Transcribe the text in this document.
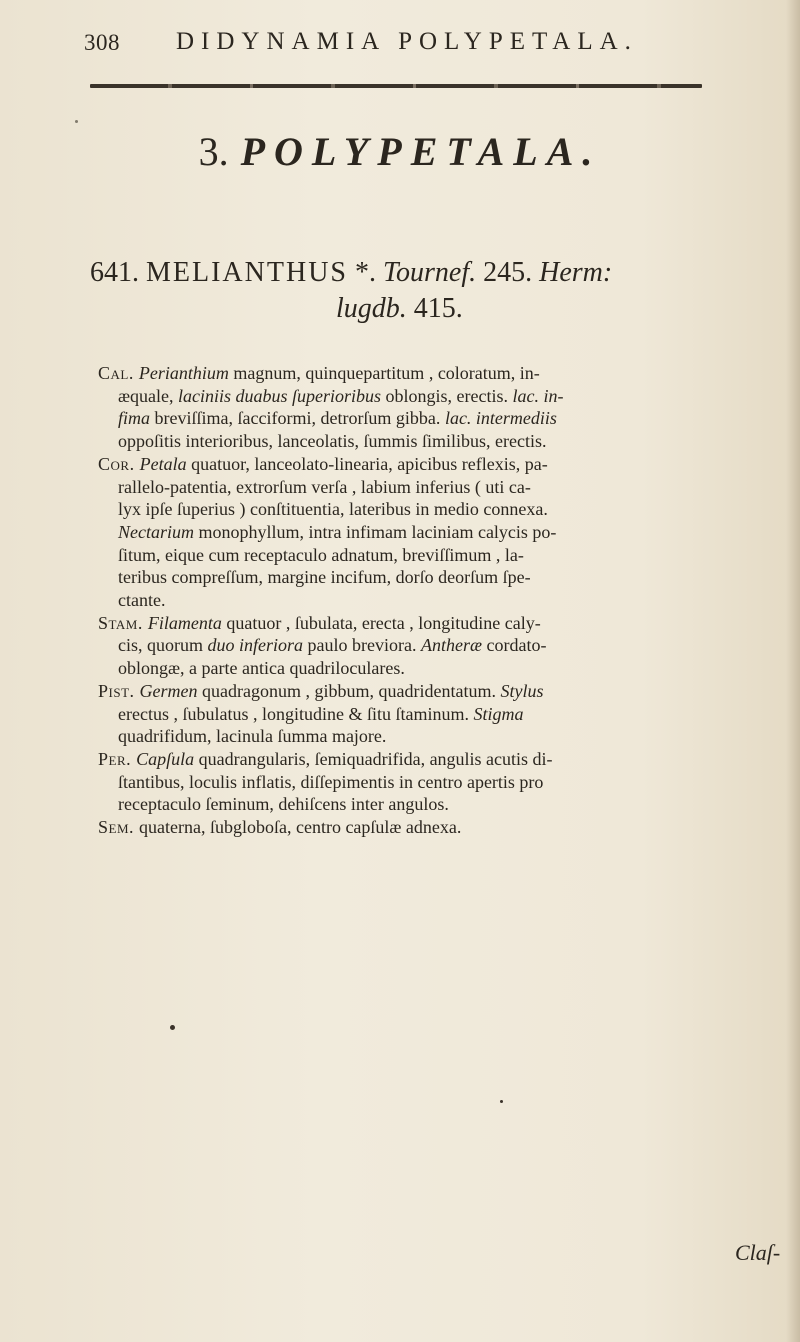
308 DIDYNAMIA POLYPETALA.
3. POLYPETALA.
641. MELIANTHUS *. Tournef. 245. Herm:
lugdb. 415.

Cal. Perianthium magnum, quinquepartitum , coloratum, in-
æquale, laciniis duabus ſuperioribus oblongis, erectis. lac. in-
fima breviſſima, ſacciformi, detrorſum gibba. lac. intermediis
oppoſitis interioribus, lanceolatis, ſummis ſimilibus, erectis.

Cor. Petala quatuor, lanceolato-linearia, apicibus reflexis, pa-
rallelo-patentia, extrorſum verſa , labium inferius ( uti ca-
lyx ipſe ſuperius ) conſtituentia, lateribus in medio connexa.
Nectarium monophyllum, intra infimam laciniam calycis po-
ſitum, eique cum receptaculo adnatum, breviſſimum , la-
teribus compreſſum, margine incifum, dorſo deorſum ſpe-
ctante.

Stam. Filamenta quatuor , ſubulata, erecta , longitudine caly-
cis, quorum duo inferiora paulo breviora. Antheræ cordato-
oblongæ, a parte antica quadriloculares.

Pist. Germen quadragonum , gibbum, quadridentatum. Stylus
erectus , ſubulatus , longitudine & ſitu ſtaminum. Stigma
quadrifidum, lacinula ſumma majore.

Per. Capſula quadrangularis, ſemiquadrifida, angulis acutis di-
ſtantibus, loculis inflatis, diſſepimentis in centro apertis pro
receptaculo ſeminum, dehiſcens inter angulos.

Sem. quaterna, ſubgloboſa, centro capſulæ adnexa.

Claſ-
